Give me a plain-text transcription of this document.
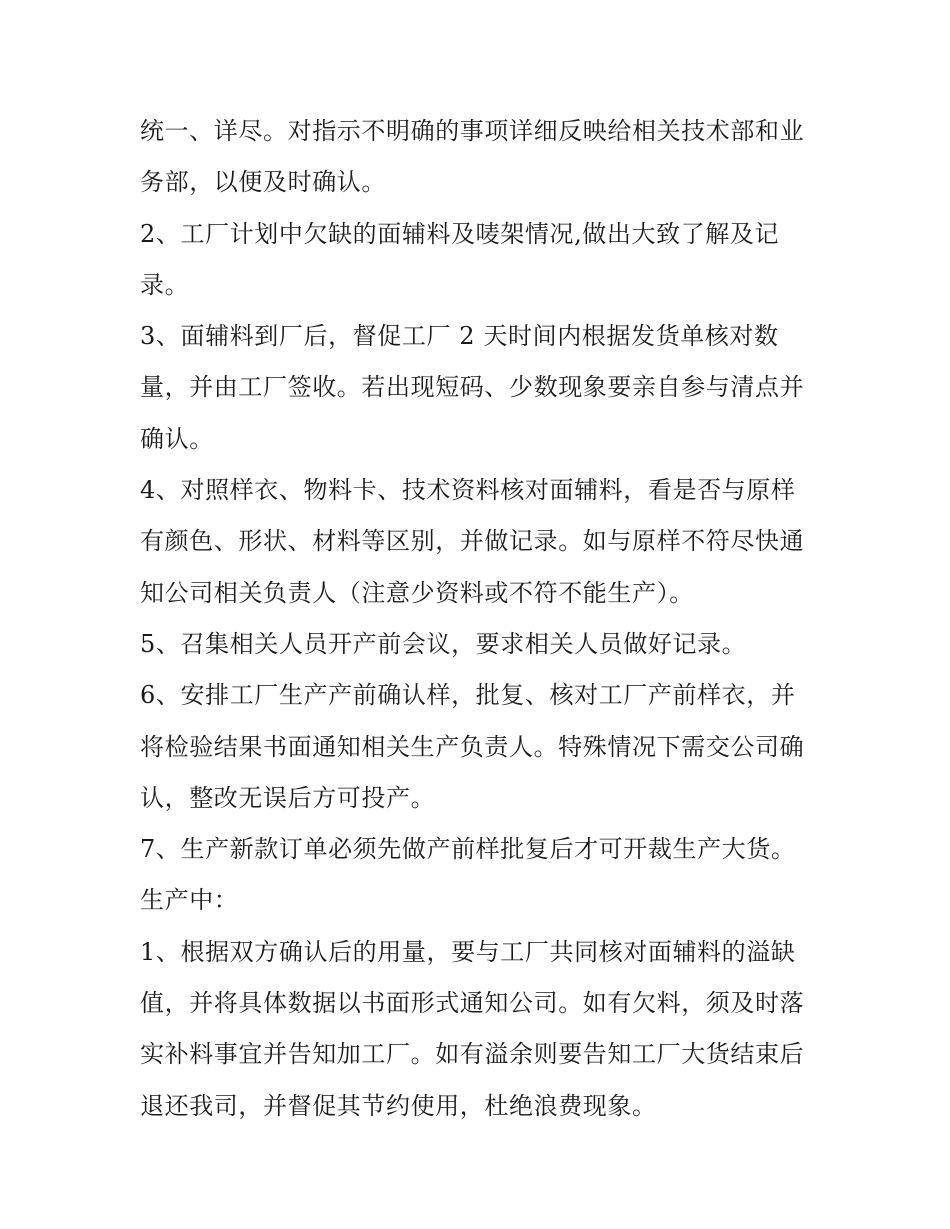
统一、详尽。对指示不明确的事项详细反映给相关技术部和业
务部，以便及时确认。
2、工厂计划中欠缺的面辅料及唛架情况,做出大致了解及记
录。
3、面辅料到厂后，督促工厂 2 天时间内根据发货单核对数
量，并由工厂签收。若出现短码、少数现象要亲自参与清点并
确认。
4、对照样衣、物料卡、技术资料核对面辅料，看是否与原样
有颜色、形状、材料等区别，并做记录。如与原样不符尽快通
知公司相关负责人（注意少资料或不符不能生产）。
5、召集相关人员开产前会议，要求相关人员做好记录。
6、安排工厂生产产前确认样，批复、核对工厂产前样衣，并
将检验结果书面通知相关生产负责人。特殊情况下需交公司确
认，整改无误后方可投产。
7、生产新款订单必须先做产前样批复后才可开裁生产大货。
生产中：
1、根据双方确认后的用量，要与工厂共同核对面辅料的溢缺
值，并将具体数据以书面形式通知公司。如有欠料，须及时落
实补料事宜并告知加工厂。如有溢余则要告知工厂大货结束后
退还我司，并督促其节约使用，杜绝浪费现象。
